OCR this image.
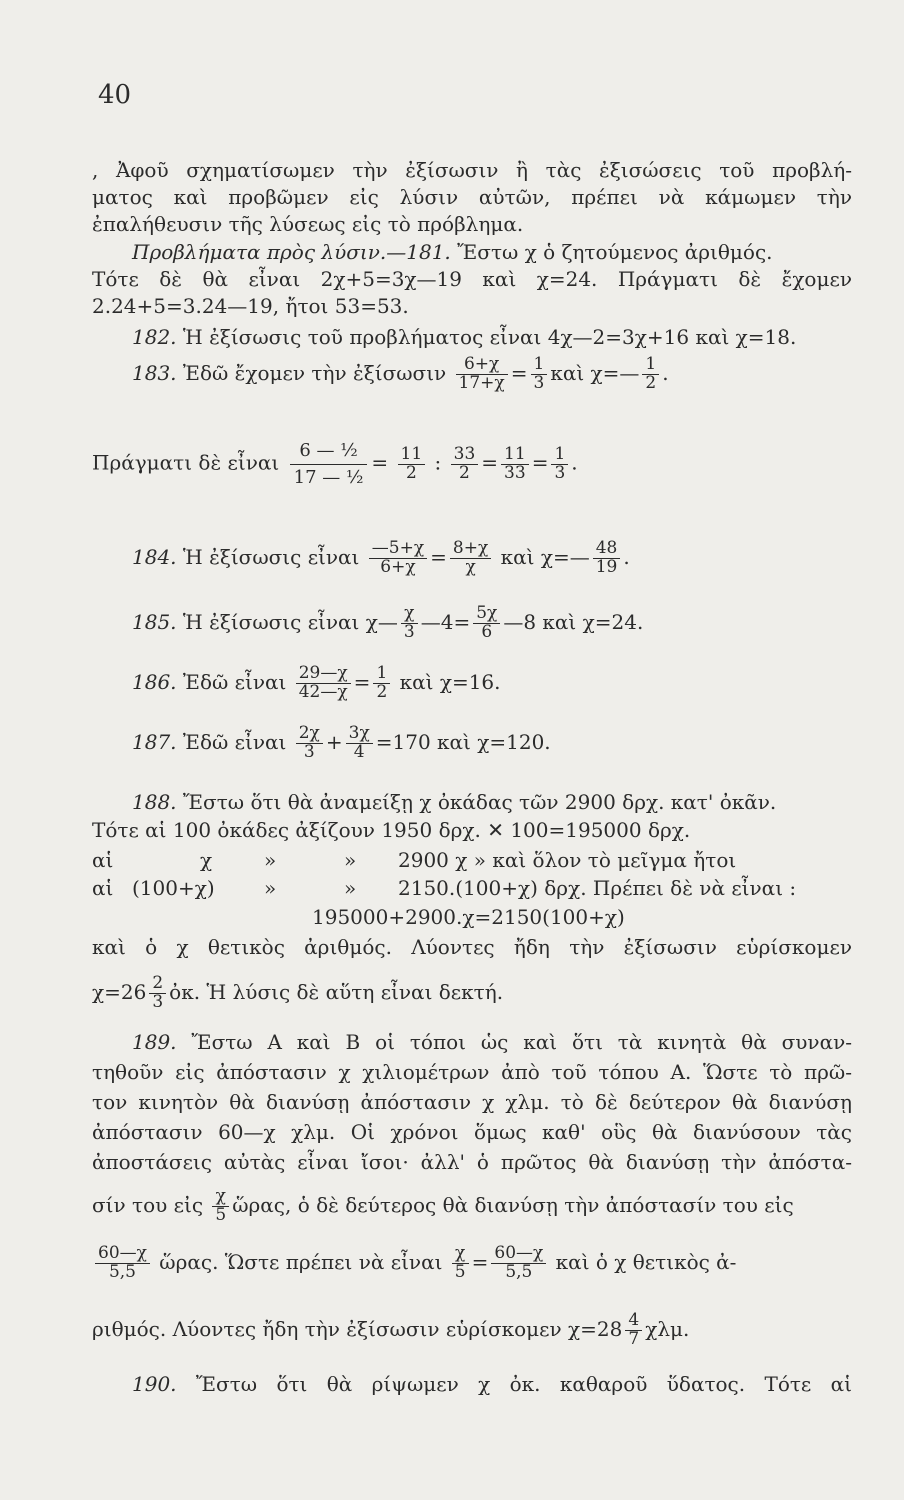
40
, Ἀφοῦ σχηματίσωμεν τὴν ἐξίσωσιν ἢ τὰς ἐξισώσεις τοῦ προβλή-
ματος καὶ προβῶμεν εἰς λύσιν αὐτῶν, πρέπει νὰ κάμωμεν τὴν
ἐπαλήθευσιν τῆς λύσεως εἰς τὸ πρόβλημα.
Προβλήματα πρὸς λύσιν.—181. Ἔστω χ ὁ ζητούμενος ἀριθμός.
Τότε δὲ θὰ εἶναι 2χ+5=3χ—19 καὶ χ=24. Πράγματι δὲ ἔχομεν
2.24+5=3.24—19, ἤτοι 53=53.
182. Ἡ ἐξίσωσις τοῦ προβλήματος εἶναι 4χ—2=3χ+16 καὶ χ=18.
183. Ἐδῶ ἔχομεν τὴν ἐξίσωσιν $\frac{6+\chi}{17+\chi} = \frac{1}{3}$ καὶ χ=— $\frac{1}{2}$ .
Πράγματι δὲ εἶναι $\frac{\text{6 — ½}}{\text{17 — ½}} = \frac{11}{2}$ : $\frac{33}{2} = \frac{11}{33} = \frac{1}{3}$ .
184. Ἡ ἐξίσωσις εἶναι $\frac{—5+\chi}{6+\chi} = \frac{8+\chi}{\chi}$ καὶ χ=— $\frac{48}{19}$ .
185. Ἡ ἐξίσωσις εἶναι χ— $\frac{\chi}{3}$ —4= $\frac{5\chi}{6}$ —8 καὶ χ=24.
186. Ἐδῶ εἶναι $\frac{29—\chi}{42—\chi} = \frac{1}{2}$ καὶ χ=16.
187. Ἐδῶ εἶναι $\frac{2\chi}{3} + \frac{3\chi}{4} =170$ καὶ χ=120.
188. Ἔστω ὅτι θὰ ἀναμείξῃ χ ὀκάδας τῶν 2900 δρχ. κατ' ὀκᾶν.
Τότε αἱ 100 ὀκάδες ἀξίζουν 1950 δρχ. ✕ 100=195000 δρχ.
αἱ	χ	»	» 2900 χ » καὶ ὅλον τὸ μεῖγμα ἤτοι
αἱ (100+χ) »	» 2150.(100+χ) δρχ. Πρέπει δὲ νὰ εἶναι :
195000+2900.χ=2150(100+χ)
καὶ ὁ χ θετικὸς ἀριθμός. Λύοντες ἤδη τὴν ἐξίσωσιν εὑρίσκομεν
$\chi=26 \frac{2}{3}$ ὀκ. Ἡ λύσις δὲ αὕτη εἶναι δεκτή.
189. Ἔστω Α καὶ Β οἱ τόποι ὡς καὶ ὅτι τὰ κινητὰ θὰ συναν-
τηθοῦν εἰς ἀπόστασιν χ χιλιομέτρων ἀπὸ τοῦ τόπου Α. Ὥστε τὸ πρῶ-
τον κινητὸν θὰ διανύσῃ ἀπόστασιν χ χλμ. τὸ δὲ δεύτερον θὰ διανύσῃ
ἀπόστασιν 60—χ χλμ. Οἱ χρόνοι ὅμως καθ' οὓς θὰ διανύσουν τὰς
ἀποστάσεις αὐτὰς εἶναι ἴσοι· ἀλλ' ὁ πρῶτος θὰ διανύσῃ τὴν ἀπόστα-
σίν του εἰς $\frac{\chi}{5}$ ὥρας, ὁ δὲ δεύτερος θὰ διανύσῃ τὴν ἀπόστασίν του εἰς
$\frac{60—\chi}{5,5}$ ὥρας. Ὥστε πρέπει νὰ εἶναι $\frac{\chi}{5} = \frac{60—\chi}{5,5}$ καὶ ὁ χ θετικὸς ἀ-
ριθμός. Λύοντες ἤδη τὴν ἐξίσωσιν εὑρίσκομεν $\chi=28 \frac{4}{7} \chi\lambda\mu$.
190. Ἔστω ὅτι θὰ ρίψωμεν χ ὀκ. καθαροῦ ὕδατος. Τότε αἱ
